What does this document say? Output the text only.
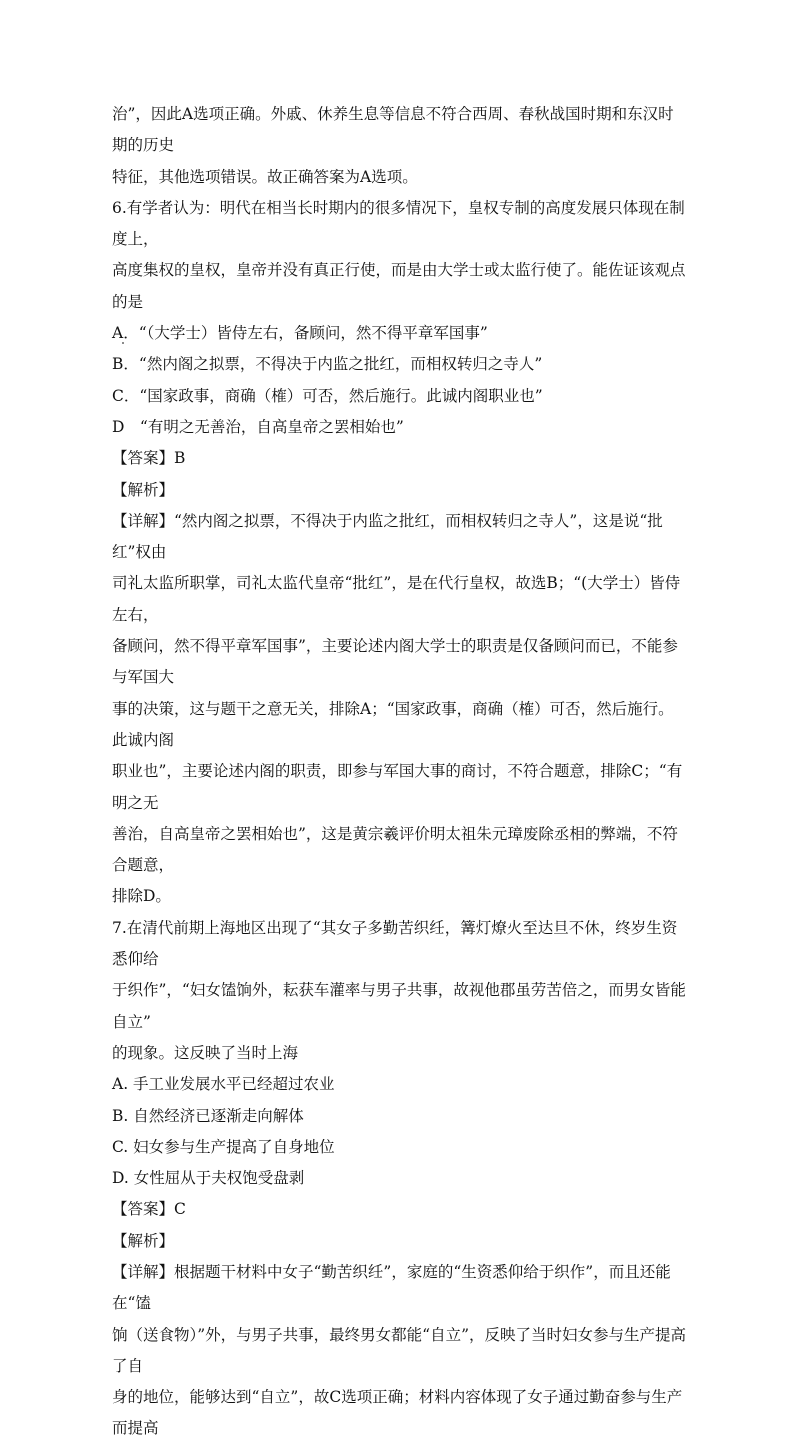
治”，因此A选项正确。外戚、休养生息等信息不符合西周、春秋战国时期和东汉时期的历史

特征，其他选项错误。故正确答案为A选项。

6.有学者认为：明代在相当长时期内的很多情况下，皇权专制的高度发展只体现在制度上，

高度集权的皇权，皇帝并没有真正行使，而是由大学士或太监行使了。能佐证该观点的是

A．“（大学士）皆侍左右，备顾问，然不得平章军国事”

B．“然内阁之拟票，不得决于内监之批红，而相权转归之寺人”

C．“国家政事，商确（榷）可否，然后施行。此诚内阁职业也”

D　“有明之无善治，自高皇帝之罢相始也”

【答案】B

【解析】

【详解】“然内阁之拟票，不得决于内监之批红，而相权转归之寺人”，这是说“批红”权由

司礼太监所职掌，司礼太监代皇帝“批红”，是在代行皇权，故选B；“(大学士）皆侍左右，

备顾问，然不得平章军国事”，主要论述内阁大学士的职责是仅备顾问而已，不能参与军国大

事的决策，这与题干之意无关，排除A；“国家政事，商确（榷）可否，然后施行。此诚内阁

职业也”，主要论述内阁的职责，即参与军国大事的商讨，不符合题意，排除C；“有明之无

善治，自高皇帝之罢相始也”，这是黄宗羲评价明太祖朱元璋废除丞相的弊端，不符合题意，

排除D。

7.在清代前期上海地区出现了“其女子多勤苦织纴，篝灯燎火至达旦不休，终岁生资悉仰给

于织作”，“妇女馌饷外，耘获车灌率与男子共事，故视他郡虽劳苦倍之，而男女皆能自立”

的现象。这反映了当时上海

A. 手工业发展水平已经超过农业

B. 自然经济已逐渐走向解体

C. 妇女参与生产提高了自身地位

D. 女性屈从于夫权饱受盘剥

【答案】C

【解析】

【详解】根据题干材料中女子“勤苦织纴”，家庭的“生资悉仰给于织作”，而且还能在“馌

饷（送食物）”外，与男子共事，最终男女都能“自立”，反映了当时妇女参与生产提高了自

身的地位，能够达到“自立”，故C选项正确；材料内容体现了女子通过勤奋参与生产而提高
